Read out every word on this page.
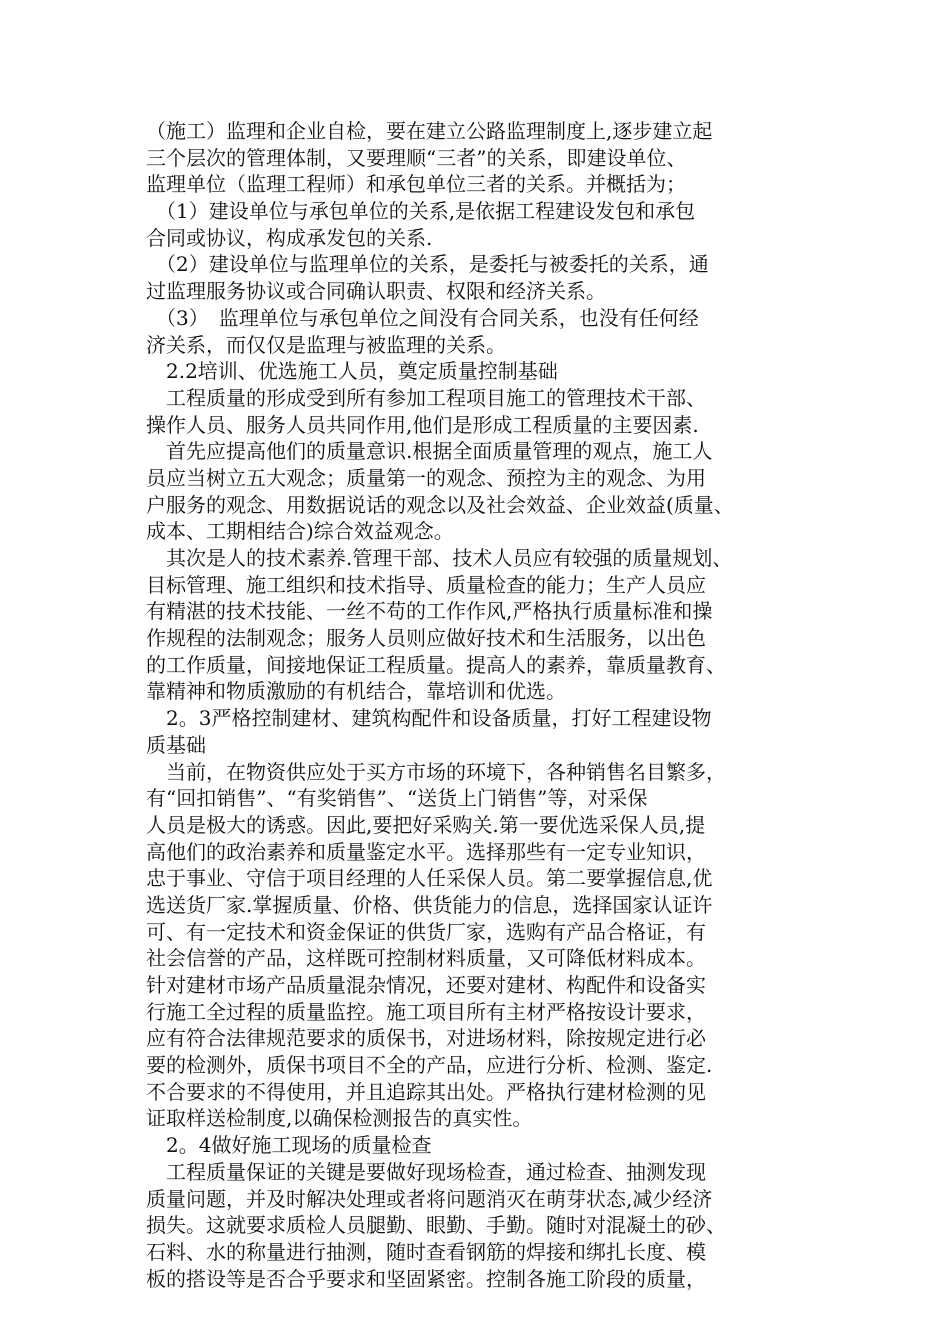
（施工）监理和企业自检，要在建立公路监理制度上,逐步建立起
三个层次的管理体制，又要理顺“三者”的关系，即建设单位、
监理单位（监理工程师）和承包单位三者的关系。并概括为；
　（1）建设单位与承包单位的关系,是依据工程建设发包和承包
合同或协议，构成承发包的关系.
　（2）建设单位与监理单位的关系，是委托与被委托的关系，通
过监理服务协议或合同确认职责、权限和经济关系。
　（3）　监理单位与承包单位之间没有合同关系，也没有任何经
济关系，而仅仅是监理与被监理的关系。
　2.2培训、优选施工人员，奠定质量控制基础
　工程质量的形成受到所有参加工程项目施工的管理技术干部、
操作人员、服务人员共同作用,他们是形成工程质量的主要因素.
　首先应提高他们的质量意识.根据全面质量管理的观点，施工人
员应当树立五大观念；质量第一的观念、预控为主的观念、为用
户服务的观念、用数据说话的观念以及社会效益、企业效益(质量、
成本、工期相结合)综合效益观念。
　其次是人的技术素养.管理干部、技术人员应有较强的质量规划、
目标管理、施工组织和技术指导、质量检查的能力；生产人员应
有精湛的技术技能、一丝不苟的工作作风,严格执行质量标准和操
作规程的法制观念；服务人员则应做好技术和生活服务，以出色
的工作质量，间接地保证工程质量。提高人的素养，靠质量教育、
靠精神和物质激励的有机结合，靠培训和优选。
　2。3严格控制建材、建筑构配件和设备质量，打好工程建设物
质基础
　当前，在物资供应处于买方市场的环境下，各种销售名目繁多，
有“回扣销售”、“有奖销售”、“送货上门销售”等，对采保
人员是极大的诱惑。因此,要把好采购关.第一要优选采保人员,提
高他们的政治素养和质量鉴定水平。选择那些有一定专业知识，
忠于事业、守信于项目经理的人任采保人员。第二要掌握信息,优
选送货厂家.掌握质量、价格、供货能力的信息，选择国家认证许
可、有一定技术和资金保证的供货厂家，选购有产品合格证，有
社会信誉的产品，这样既可控制材料质量，又可降低材料成本。
针对建材市场产品质量混杂情况，还要对建材、构配件和设备实
行施工全过程的质量监控。施工项目所有主材严格按设计要求，
应有符合法律规范要求的质保书，对进场材料，除按规定进行必
要的检测外，质保书项目不全的产品，应进行分析、检测、鉴定.
不合要求的不得使用，并且追踪其出处。严格执行建材检测的见
证取样送检制度,以确保检测报告的真实性。
　2。4做好施工现场的质量检查
　工程质量保证的关键是要做好现场检查，通过检查、抽测发现
质量问题，并及时解决处理或者将问题消灭在萌芽状态,减少经济
损失。这就要求质检人员腿勤、眼勤、手勤。随时对混凝土的砂、
石料、水的称量进行抽测，随时查看钢筋的焊接和绑扎长度、模
板的搭设等是否合乎要求和坚固紧密。控制各施工阶段的质量，
